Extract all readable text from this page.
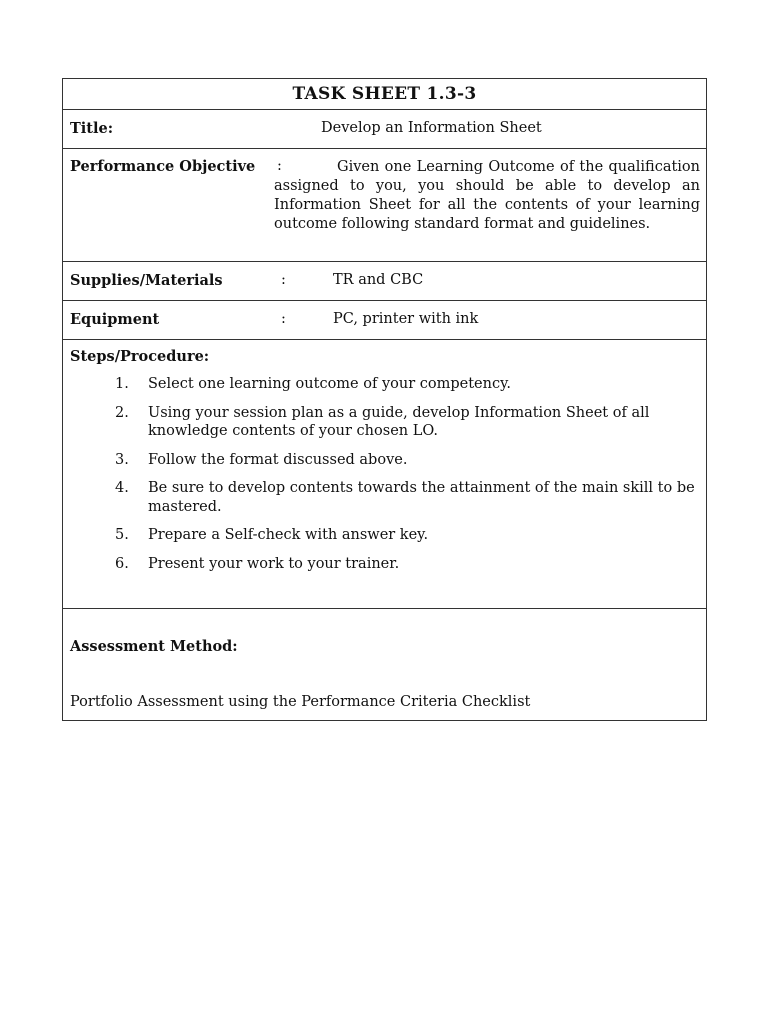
TASK SHEET 1.3-3
Title:	Develop an Information Sheet
Performance Objective :	Given one Learning Outcome of the qualification assigned to you, you should be able to develop an Information Sheet for all the contents of your learning outcome following standard format and guidelines.
Supplies/Materials	:	TR and CBC
Equipment	:	PC, printer with ink
Steps/Procedure:
1. Select one learning outcome of your competency.
2. Using your session plan as a guide, develop Information Sheet of all knowledge contents of your chosen LO.
3. Follow the format discussed above.
4. Be sure to develop contents towards the attainment of the main skill to be mastered.
5. Prepare a Self-check with answer key.
6. Present your work to your trainer.
Assessment Method:
Portfolio Assessment using the Performance Criteria Checklist
